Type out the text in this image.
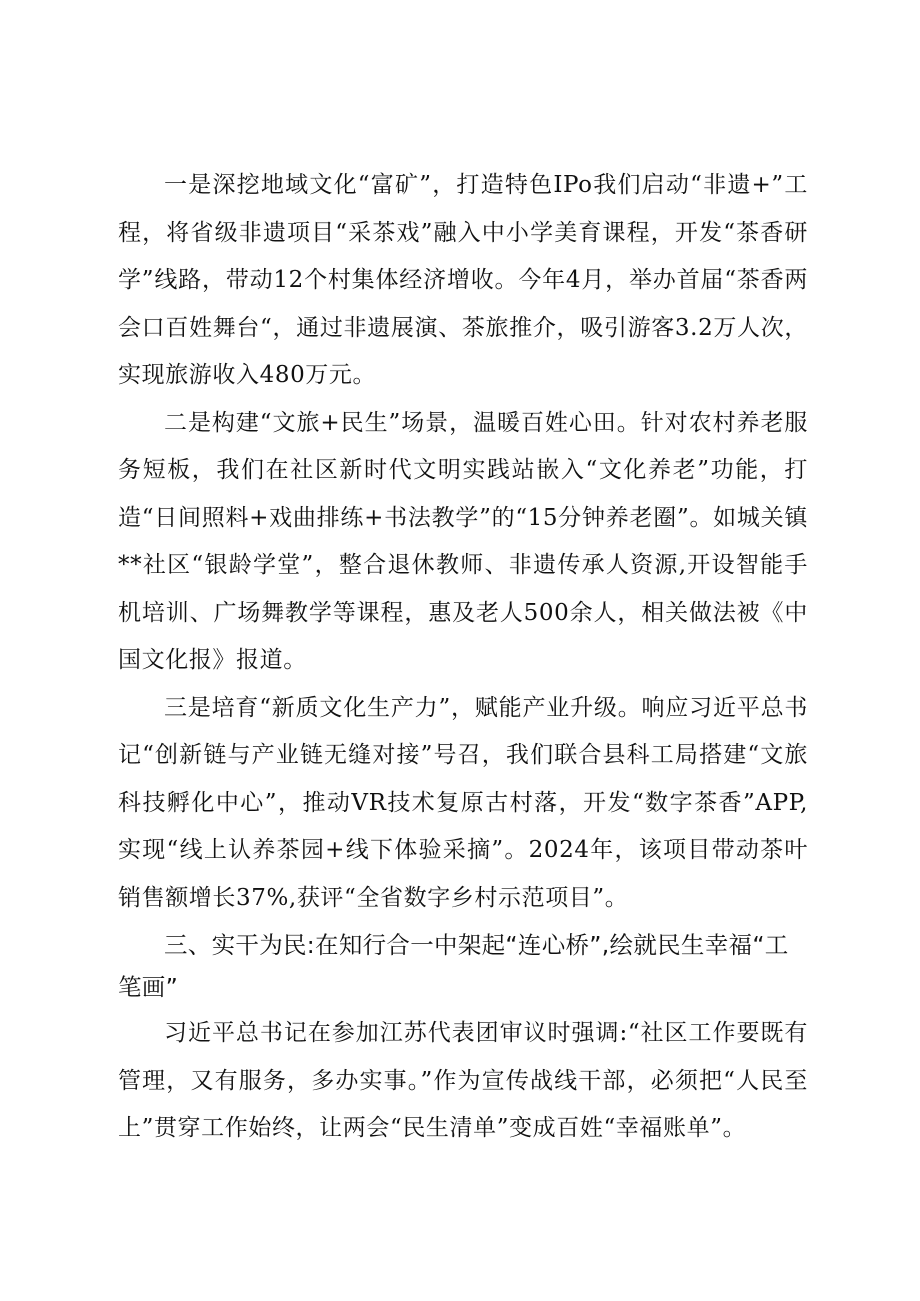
一是深挖地域文化“富矿”，打造特色IPo我们启动“非遗+”工程，将省级非遗项目“采茶戏”融入中小学美育课程，开发“茶香研学”线路，带动12个村集体经济增收。今年4月，举办首届“茶香两会口百姓舞台“，通过非遗展演、茶旅推介，吸引游客3.2万人次，实现旅游收入480万元。

二是构建“文旅+民生”场景，温暖百姓心田。针对农村养老服务短板，我们在社区新时代文明实践站嵌入“文化养老”功能，打造“日间照料+戏曲排练+书法教学”的“15分钟养老圈”。如城关镇**社区“银龄学堂”，整合退休教师、非遗传承人资源,开设智能手机培训、广场舞教学等课程，惠及老人500余人，相关做法被《中国文化报》报道。

三是培育“新质文化生产力”，赋能产业升级。响应习近平总书记“创新链与产业链无缝对接”号召，我们联合县科工局搭建“文旅科技孵化中心”，推动VR技术复原古村落，开发“数字茶香”APP,实现“线上认养茶园+线下体验采摘”。2024年，该项目带动茶叶销售额增长37%,获评“全省数字乡村示范项目”。

三、实干为民:在知行合一中架起“连心桥”,绘就民生幸福“工笔画”

习近平总书记在参加江苏代表团审议时强调:“社区工作要既有管理，又有服务，多办实事。”作为宣传战线干部，必须把“人民至上”贯穿工作始终，让两会“民生清单”变成百姓“幸福账单”。
